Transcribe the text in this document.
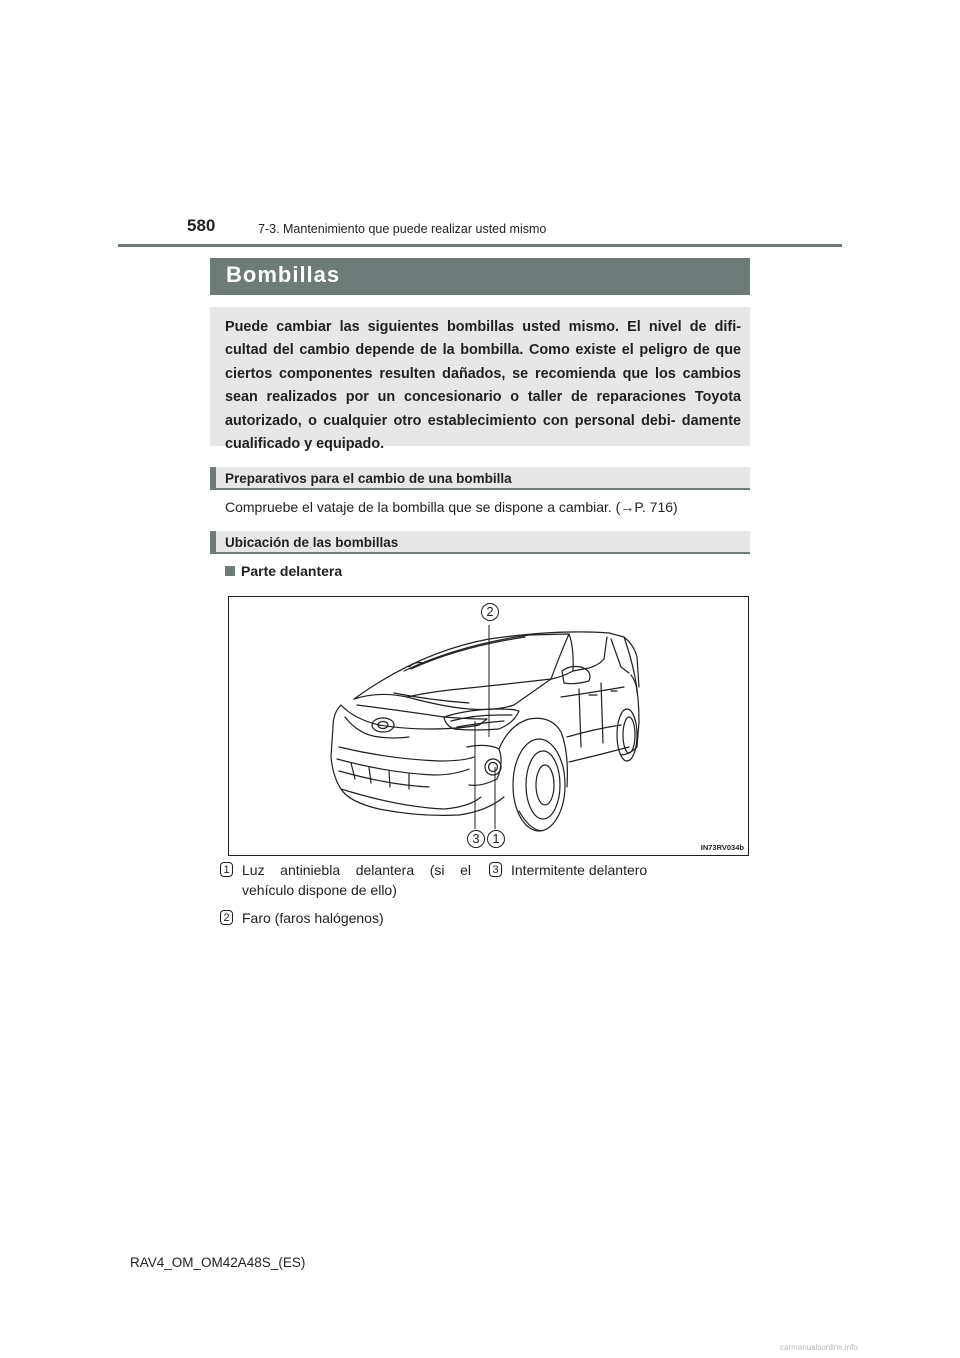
580	7-3. Mantenimiento que puede realizar usted mismo
Bombillas
Puede cambiar las siguientes bombillas usted mismo. El nivel de difi- cultad del cambio depende de la bombilla. Como existe el peligro de que ciertos componentes resulten dañados, se recomienda que los cambios sean realizados por un concesionario o taller de reparaciones Toyota autorizado, o cualquier otro establecimiento con personal debi- damente cualificado y equipado.
Preparativos para el cambio de una bombilla
Compruebe el vataje de la bombilla que se dispone a cambiar. (→P. 716)
Ubicación de las bombillas
Parte delantera
2
3 1
IN73RV034b
1 Luz antiniebla delantera (si el
vehículo dispone de ello)
3 Intermitente delantero
2 Faro (faros halógenos)
RAV4_OM_OM42A48S_(ES)
carmanualsonline.info
